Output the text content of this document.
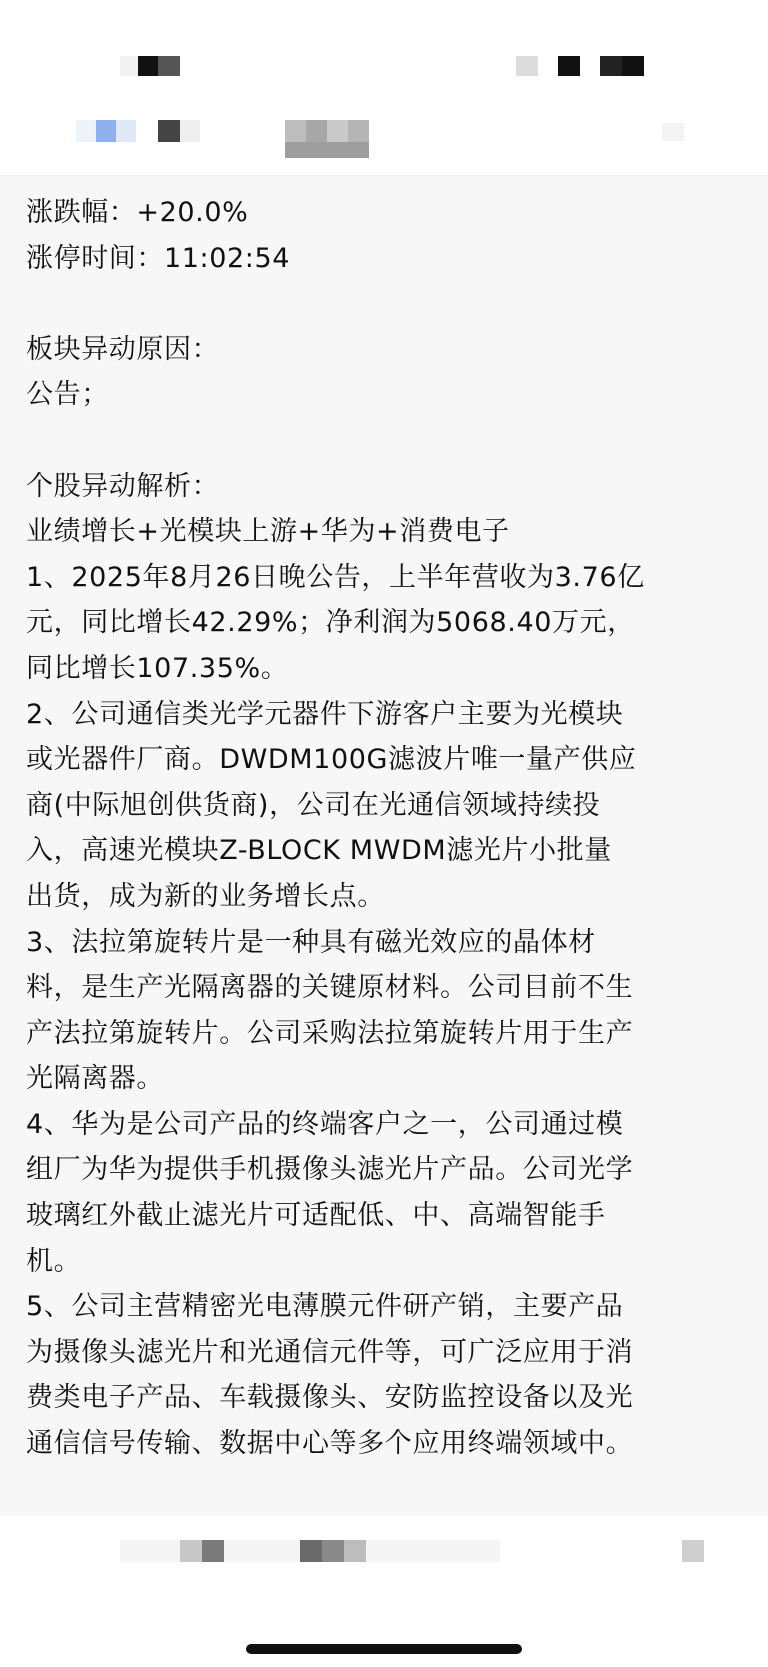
涨跌幅：+20.0%
涨停时间：11:02:54
板块异动原因：
公告；
个股异动解析：
业绩增长+光模块上游+华为+消费电子
1、2025年8月26日晚公告，上半年营收为3.76亿
元，同比增长42.29%；净利润为5068.40万元，
同比增长107.35%。
2、公司通信类光学元器件下游客户主要为光模块
或光器件厂商。DWDM100G滤波片唯一量产供应
商(中际旭创供货商)，公司在光通信领域持续投
入，高速光模块Z-BLOCK MWDM滤光片小批量
出货，成为新的业务增长点。
3、法拉第旋转片是一种具有磁光效应的晶体材
料，是生产光隔离器的关键原材料。公司目前不生
产法拉第旋转片。公司采购法拉第旋转片用于生产
光隔离器。
4、华为是公司产品的终端客户之一，公司通过模
组厂为华为提供手机摄像头滤光片产品。公司光学
玻璃红外截止滤光片可适配低、中、高端智能手
机。
5、公司主营精密光电薄膜元件研产销，主要产品
为摄像头滤光片和光通信元件等，可广泛应用于消
费类电子产品、车载摄像头、安防监控设备以及光
通信信号传输、数据中心等多个应用终端领域中。
